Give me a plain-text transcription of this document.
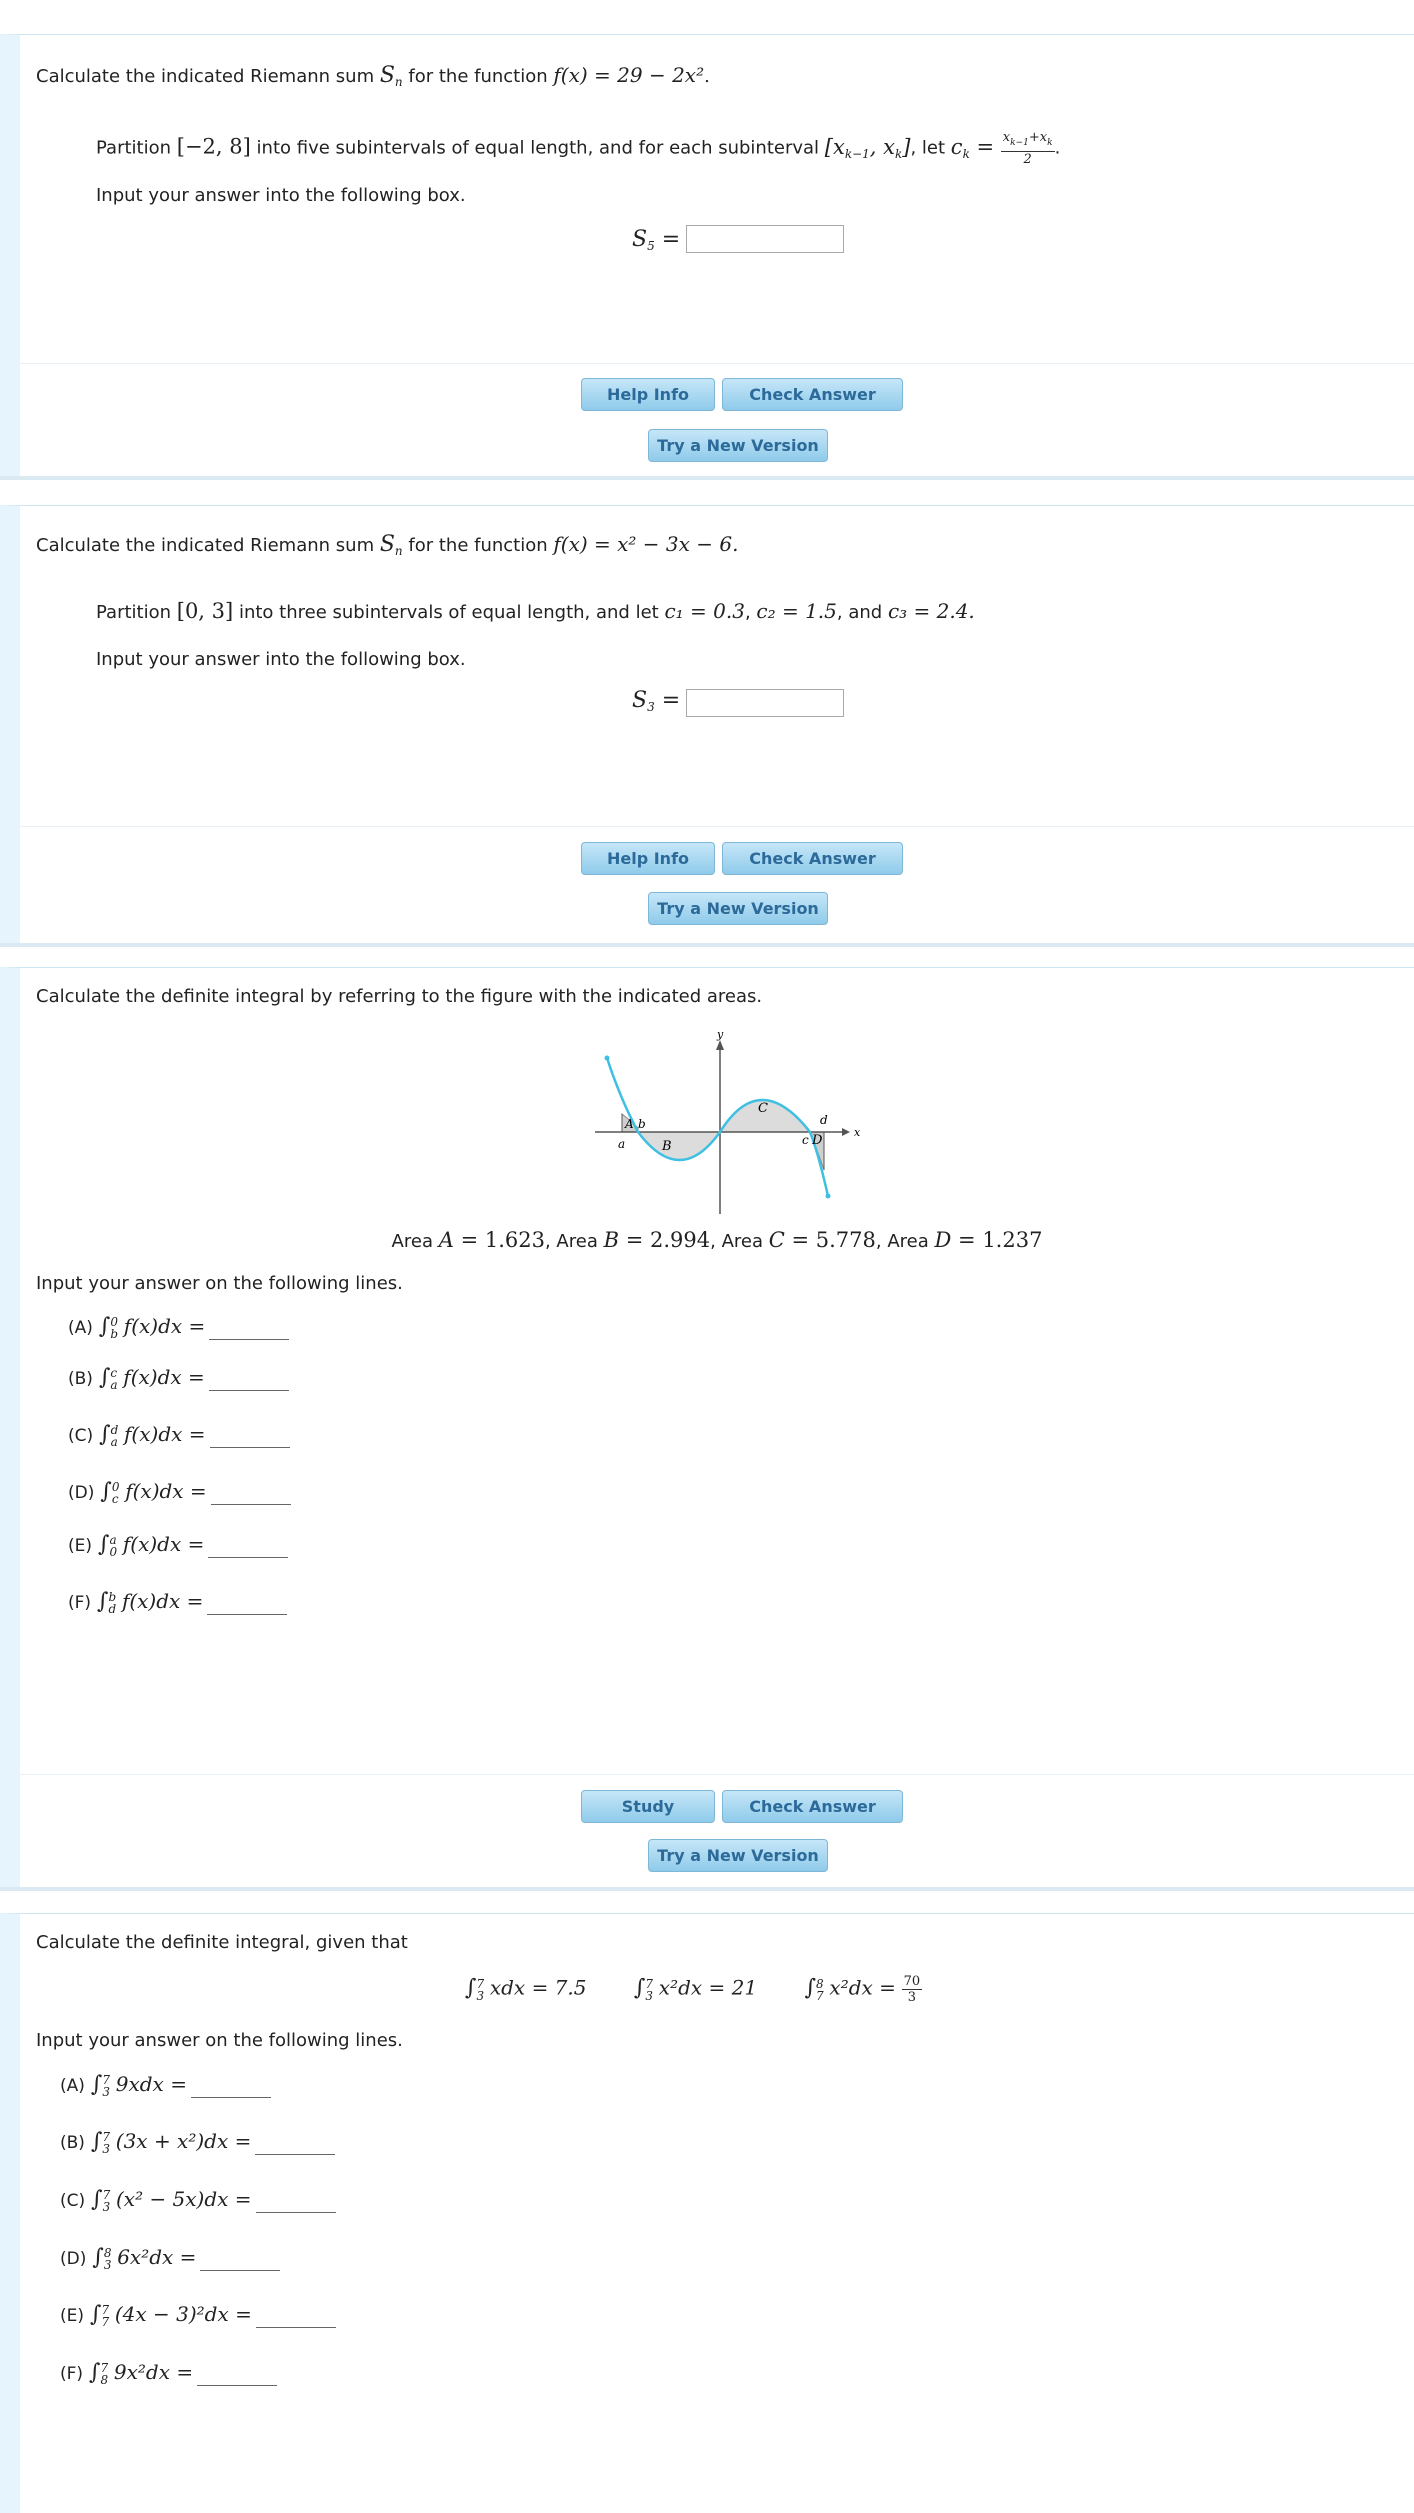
Calculate the indicated Riemann sum $S_n$ for the function f(x) = 29 − 2x².
Partition [−2, 8] into five subintervals of equal length, and for each subinterval [$x_{k-1}$, $x_k$], let $c_k = \frac{x_{k-1}+x_k}{2}$ .
Input your answer into the following box.
$S_5$ =
Help Info	Check Answer
Try a New Version
Calculate the indicated Riemann sum $S_n$ for the function f(x) = x² − 3x − 6.
Partition [0, 3] into three subintervals of equal length, and let c₁ = 0.3, c₂ = 1.5, and c₃ = 2.4.
Input your answer into the following box.
$S_3$ =
Help Info	Check Answer
Try a New Version
Calculate the definite integral by referring to the figure with the indicated areas.
y
x
A b
a	B
C
c D
d
Area A = 1.623, Area B = 2.994, Area C = 5.778, Area D = 1.237
Input your answer on the following lines.
(A) ∫ 0
b f(x)dx =
(B) ∫ c
a f(x)dx =
(C) ∫ d
a f(x)dx =
(D) ∫ 0
c f(x)dx =
(E) ∫ a
0 f(x)dx =
(F) ∫ b
d f(x)dx =
Study	Check Answer
Try a New Version
Calculate the definite integral, given that
∫ 7
3 xdx = 7.5 ∫ 7
3 x²dx = 21 ∫ 8
7 $x^2dx = \frac{70}{3}$
Input your answer on the following lines.
(A) ∫ 7
3 9xdx =
(B) ∫ 7
3 (3x + x²)dx =
(C) ∫ 7
3 (x² − 5x)dx =
(D) ∫ 8
3 6x²dx =
(E) ∫ 7
7 (4x − 3)²dx =
(F) ∫ 7
8 9x²dx =
